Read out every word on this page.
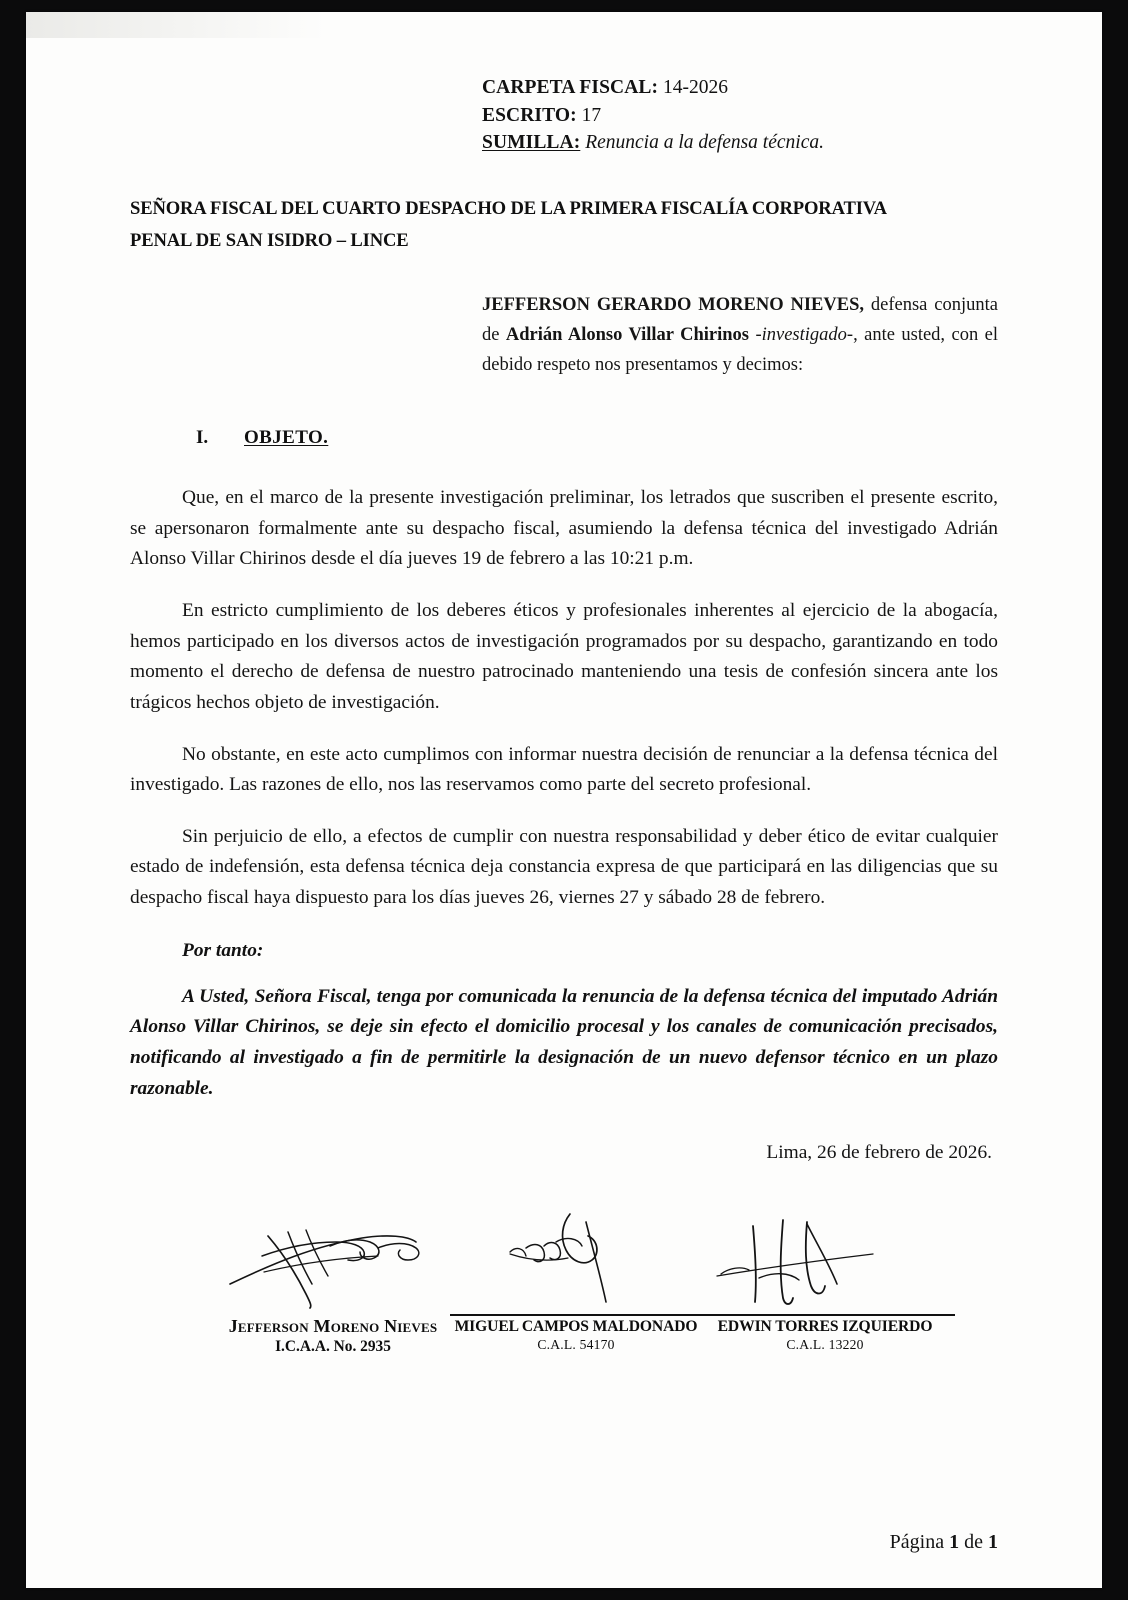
CARPETA FISCAL: 14-2026
ESCRITO: 17
SUMILLA: Renuncia a la defensa técnica.
SEÑORA FISCAL DEL CUARTO DESPACHO DE LA PRIMERA FISCALÍA CORPORATIVA
PENAL DE SAN ISIDRO – LINCE
JEFFERSON GERARDO MORENO NIEVES, defensa conjunta de Adrián Alonso Villar Chirinos -investigado-, ante usted, con el debido respeto nos presentamos y decimos:
I. OBJETO.

Que, en el marco de la presente investigación preliminar, los letrados que suscriben el presente escrito, se apersonaron formalmente ante su despacho fiscal, asumiendo la defensa técnica del investigado Adrián Alonso Villar Chirinos desde el día jueves 19 de febrero a las 10:21 p.m.

En estricto cumplimiento de los deberes éticos y profesionales inherentes al ejercicio de la abogacía, hemos participado en los diversos actos de investigación programados por su despacho, garantizando en todo momento el derecho de defensa de nuestro patrocinado manteniendo una tesis de confesión sincera ante los trágicos hechos objeto de investigación.

No obstante, en este acto cumplimos con informar nuestra decisión de renunciar a la defensa técnica del investigado. Las razones de ello, nos las reservamos como parte del secreto profesional.

Sin perjuicio de ello, a efectos de cumplir con nuestra responsabilidad y deber ético de evitar cualquier estado de indefensión, esta defensa técnica deja constancia expresa de que participará en las diligencias que su despacho fiscal haya dispuesto para los días jueves 26, viernes 27 y sábado 28 de febrero.

Por tanto:
A Usted, Señora Fiscal, tenga por comunicada la renuncia de la defensa técnica del imputado Adrián Alonso Villar Chirinos, se deje sin efecto el domicilio procesal y los canales de comunicación precisados, notificando al investigado a fin de permitirle la designación de un nuevo defensor técnico en un plazo razonable.
Lima, 26 de febrero de 2026.
Jefferson Moreno Nieves
I.C.A.A. No. 2935
MIGUEL CAMPOS MALDONADO
C.A.L. 54170
EDWIN TORRES IZQUIERDO
C.A.L. 13220
Página 1 de 1
